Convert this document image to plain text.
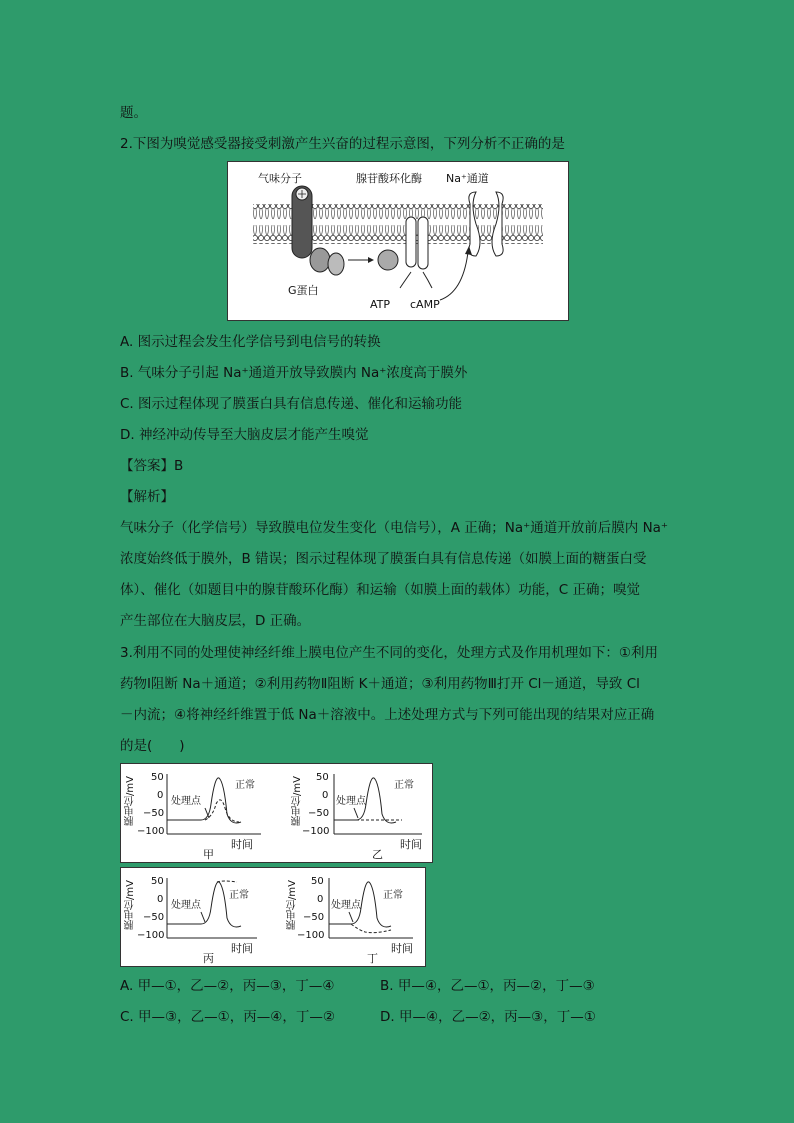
题。
2.下图为嗅觉感受器接受刺激产生兴奋的过程示意图，下列分析不正确的是
气味分子	腺苷酸环化酶 Na⁺通道
G蛋白
ATP cAMP
A. 图示过程会发生化学信号到电信号的转换
B. 气味分子引起 Na⁺通道开放导致膜内 Na⁺浓度高于膜外
C. 图示过程体现了膜蛋白具有信息传递、催化和运输功能
D. 神经冲动传导至大脑皮层才能产生嗅觉
【答案】B
【解析】
气味分子（化学信号）导致膜电位发生变化（电信号），A 正确；Na⁺通道开放前后膜内 Na⁺
浓度始终低于膜外，B 错误；图示过程体现了膜蛋白具有信息传递（如膜上面的糖蛋白受
体）、催化（如题目中的腺苷酸环化酶）和运输（如膜上面的载体）功能，C 正确；嗅觉
产生部位在大脑皮层，D 正确。
3.利用不同的处理使神经纤维上膜电位产生不同的变化，处理方式及作用机理如下：①利用
药物Ⅰ阻断 Na＋通道；②利用药物Ⅱ阻断 K＋通道；③利用药物Ⅲ打开 Cl－通道，导致 Cl
－内流；④将神经纤维置于低 Na＋溶液中。上述处理方式与下列可能出现的结果对应正确
的是(　　)
膜电位/mV 50
0
−50
−100
处理点
正常
甲
时间
膜电位/mV 50
0
−50
−100
处理点
正常
乙
时间
膜电位/mV 50
0
−50
−100
处理点
正常
丙
时间
膜电位/mV 50
0
−50
−100
处理点
正常
丁
时间
A. 甲—①，乙—②，丙—③，丁—④	B. 甲—④，乙—①，丙—②，丁—③
C. 甲—③，乙—①，丙—④，丁—②	D. 甲—④，乙—②，丙—③，丁—①
